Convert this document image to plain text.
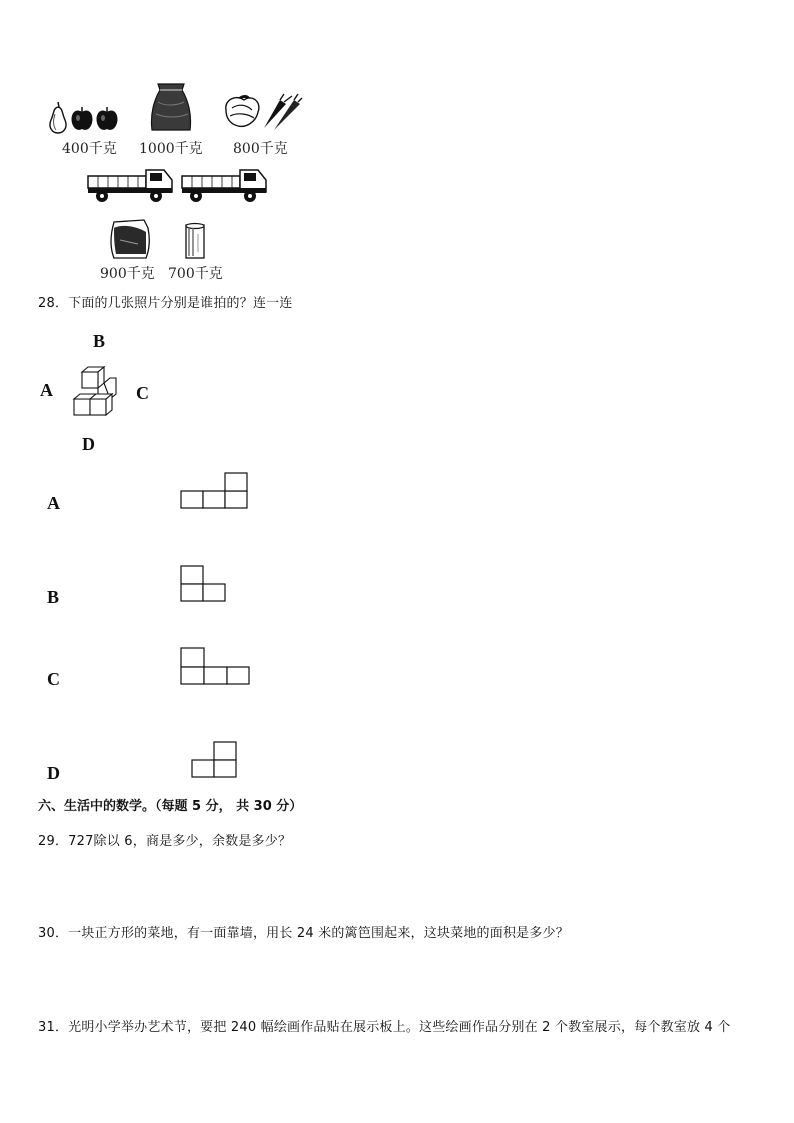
400千克 1000千克 800千克
900千克 700千克
28．下面的几张照片分别是谁拍的？连一连
B
A	C
D
A
B
C
D
六、生活中的数学。（每题 5 分， 共 30 分）
29．727除以 6，商是多少，余数是多少？
30．一块正方形的菜地，有一面靠墙，用长 24 米的篱笆围起来，这块菜地的面积是多少？
31．光明小学举办艺术节，要把 240 幅绘画作品贴在展示板上。这些绘画作品分别在 2 个教室展示，每个教室放 4 个
